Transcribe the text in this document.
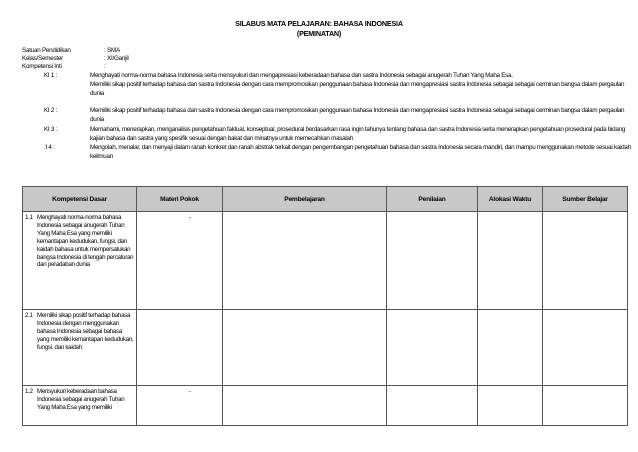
SILABUS MATA PELAJARAN: BAHASA INDONESIA
(PEMINATAN)
Satuan Pendidikan	: SMA
Kelas/Semester	: XI/Ganjil
Kompetensi Inti	:
KI 1 :	Menghayati norma-norma bahasa Indonesia serta mensyukuri dan mengapresiasi keberadaan bahasa dan sastra Indonesia sebagai anugerah Tuhan Yang Maha Esa.
Memiliki sikap positif terhadap bahasa dan sastra Indonesia dengan cara mempromosikan penggunaan bahasa Indonesia dan mengapresiasi sastra Indonesia sebagai sebagai cerminan bangsa dalam pergaulan dunia
KI 2 :	Memiliki sikap positif terhadap bahasa dan sastra Indonesia dengan cara mempromosikan penggunaan bahasa Indonesia dan mengapresiasi sastra Indonesia sebagai sebagai cerminan bangsa dalam pergaulan dunia
KI 3 :	Memahami, menerapkan, menganalisis pengetahuan faktual, konseptual, prosedural berdasarkan rasa ingin tahunya tentang bahasa dan sastra Indonesia serta menerapkan pengetahuan prosedural pada bidang kajian bahasa dan sastra yang spesifik sesuai dengan bakat dan minatnya untuk memecahkan masalah
:I 4 :	Mengolah, menalar, dan menyaji dalam ranah konkret dan ranah abstrak terkait dengan pengembangan pengetahuan bahasa dan sastra Indonesia secara mandiri, dan mampu menggunakan metode sesuai kaidah keilmuan
Kompetensi Dasar	Materi Pokok	Pembelajaran	Penilaian	Alokasi Waktu	Sumber Belajar
1.1 Menghayati norma-norma bahasa Indonesia sebagai anugerah Tuhan Yang Maha Esa yang memiliki kemantapan kedudukan, fungsi, dan kaidah bahasa untuk mempersatukan bangsa Indonesia di tengah percaturan dan peradaban dunia	-				

2.1 Memiliki sikap positif terhadap bahasa Indonesia dengan menggunakan bahasa Indonesia sebagai bahasa yang memiliki kemantapan kedudukan, fungsi, dan kaidah					

1.2 Mensyukuri keberadaan bahasa Indonesia sebagai anugerah Tuhan Yang Maha Esa yang memiliki	-				
